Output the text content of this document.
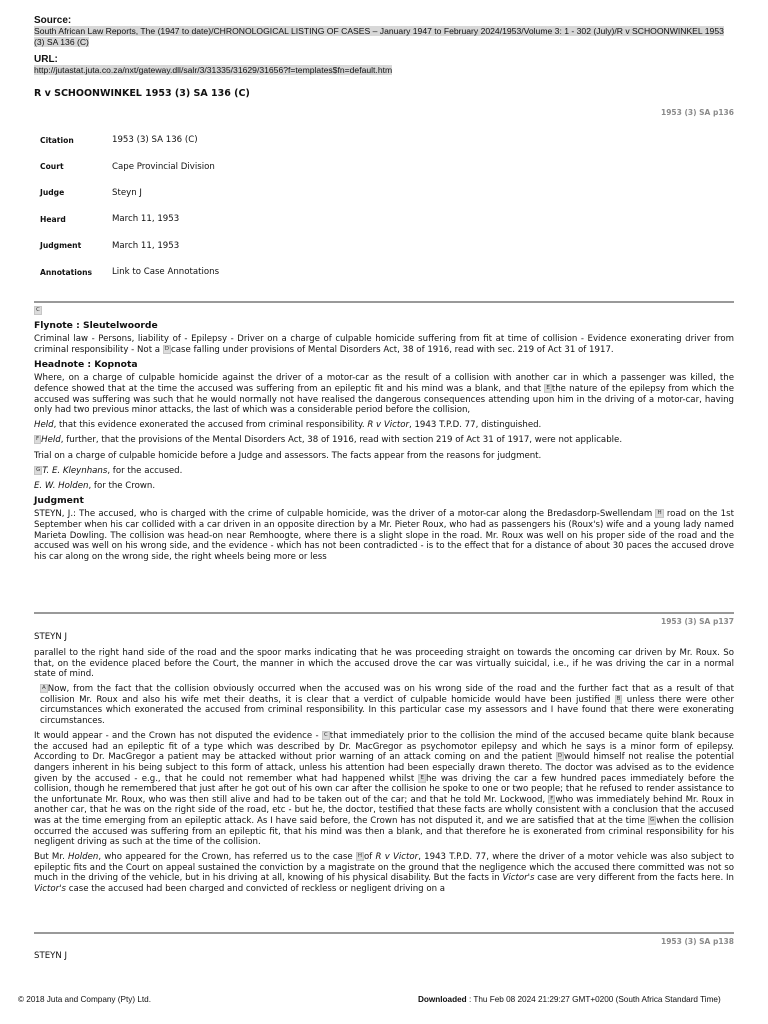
Source:
South African Law Reports, The (1947 to date)/CHRONOLOGICAL LISTING OF CASES – January 1947 to February 2024/1953/Volume 3: 1 - 302 (July)/R v SCHOONWINKEL 1953 (3) SA 136 (C)
URL:
http://jutastat.juta.co.za/nxt/gateway.dll/salr/3/31335/31629/31656?f=templates$fn=default.htm
R v SCHOONWINKEL 1953 (3) SA 136 (C)
1953 (3) SA p136
Citation	1953 (3) SA 136 (C)
Court	Cape Provincial Division
Judge	Steyn J
Heard	March 11, 1953
Judgment	March 11, 1953
Annotations	Link to Case Annotations
C
Flynote : Sleutelwoorde

Criminal law - Persons, liability of - Epilepsy - Driver on a charge of culpable homicide suffering from fit at time of collision - Evidence exonerating driver from criminal responsibility - Not a D case falling under provisions of Mental Disorders Act, 38 of 1916, read with sec. 219 of Act 31 of 1917.

Headnote : Kopnota

Where, on a charge of culpable homicide against the driver of a motor-car as the result of a collision with another car in which a passenger was killed, the defence showed that at the time the accused was suffering from an epileptic fit and his mind was a blank, and that E the nature of the epilepsy from which the accused was suffering was such that he would normally not have realised the dangerous consequences attending upon him in the driving of a motor-car, having only had two previous minor attacks, the last of which was a considerable period before the collision,

Held, that this evidence exonerated the accused from criminal responsibility. R v Victor, 1943 T.P.D. 77, distinguished.

F Held, further, that the provisions of the Mental Disorders Act, 38 of 1916, read with section 219 of Act 31 of 1917, were not applicable.

Trial on a charge of culpable homicide before a Judge and assessors. The facts appear from the reasons for judgment.

G T. E. Kleynhans, for the accused.

E. W. Holden, for the Crown.

Judgment

STEYN, J.: The accused, who is charged with the crime of culpable homicide, was the driver of a motor-car along the Bredasdorp-Swellendam H road on the 1st September when his car collided with a car driven in an opposite direction by a Mr. Pieter Roux, who had as passengers his (Roux's) wife and a young lady named Marieta Dowling. The collision was head-on near Remhoogte, where there is a slight slope in the road. Mr. Roux was well on his proper side of the road and the accused was well on his wrong side, and the evidence - which has not been contradicted - is to the effect that for a distance of about 30 paces the accused drove his car along on the wrong side, the right wheels being more or less

1953 (3) SA p137
STEYN J

parallel to the right hand side of the road and the spoor marks indicating that he was proceeding straight on towards the oncoming car driven by Mr. Roux. So that, on the evidence placed before the Court, the manner in which the accused drove the car was virtually suicidal, i.e., if he was driving the car in a normal state of mind.

A Now, from the fact that the collision obviously occurred when the accused was on his wrong side of the road and the further fact that as a result of that collision Mr. Roux and also his wife met their deaths, it is clear that a verdict of culpable homicide would have been justified B unless there were other circumstances which exonerated the accused from criminal responsibility. In this particular case my assessors and I have found that there were exonerating circumstances.

It would appear - and the Crown has not disputed the evidence - C that immediately prior to the collision the mind of the accused became quite blank because the accused had an epileptic fit of a type which was described by Dr. MacGregor as psychomotor epilepsy and which he says is a minor form of epilepsy. According to Dr. MacGregor a patient may be attacked without prior warning of an attack coming on and the patient D would himself not realise the potential dangers inherent in his being subject to this form of attack, unless his attention had been especially drawn thereto. The doctor was advised as to the evidence given by the accused - e.g., that he could not remember what had happened whilst E he was driving the car a few hundred paces immediately before the collision, though he remembered that just after he got out of his own car after the collision he spoke to one or two people; that he refused to render assistance to the unfortunate Mr. Roux, who was then still alive and had to be taken out of the car; and that he told Mr. Lockwood, F who was immediately behind Mr. Roux in another car, that he was on the right side of the road, etc - but he, the doctor, testified that these facts are wholly consistent with a conclusion that the accused was at the time emerging from an epileptic attack. As I have said before, the Crown has not disputed it, and we are satisfied that at the time G when the collision occurred the accused was suffering from an epileptic fit, that his mind was then a blank, and that therefore he is exonerated from criminal responsibility for his negligent driving as such at the time of the collision.

But Mr. Holden, who appeared for the Crown, has referred us to the case H of R v Victor, 1943 T.P.D. 77, where the driver of a motor vehicle was also subject to epileptic fits and the Court on appeal sustained the conviction by a magistrate on the ground that the negligence which the accused there committed was not so much in the driving of the vehicle, but in his driving at all, knowing of his physical disability. But the facts in Victor's case are very different from the facts here. In Victor's case the accused had been charged and convicted of reckless or negligent driving on a

1953 (3) SA p138
STEYN J
© 2018 Juta and Company (Pty) Ltd.	Downloaded : Thu Feb 08 2024 21:29:27 GMT+0200 (South Africa Standard Time)
